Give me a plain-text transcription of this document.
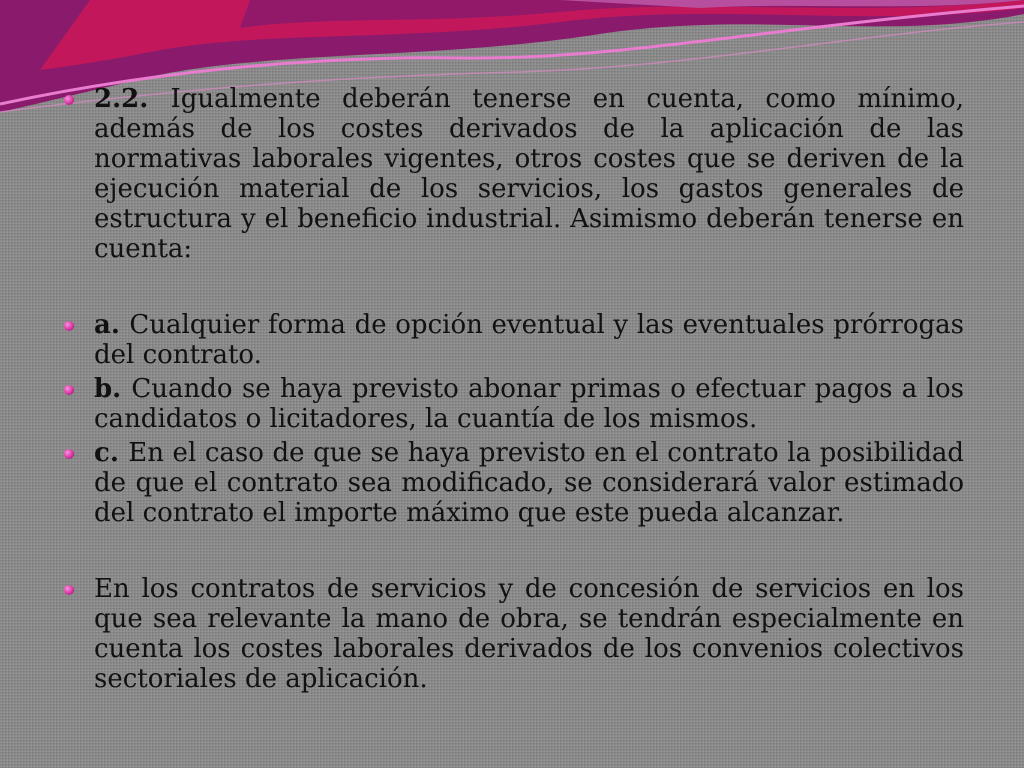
2.2. Igualmente deberán tenerse en cuenta, como mínimo, además de los costes derivados de la aplicación de las normativas laborales vigentes, otros costes que se deriven de la ejecución material de los servicios, los gastos generales de estructura y el beneficio industrial. Asimismo deberán tenerse en cuenta:
a. Cualquier forma de opción eventual y las eventuales prórrogas del contrato.
b. Cuando se haya previsto abonar primas o efectuar pagos a los candidatos o licitadores, la cuantía de los mismos.
c. En el caso de que se haya previsto en el contrato la posibilidad de que el contrato sea modificado, se considerará valor estimado del contrato el importe máximo que este pueda alcanzar.
En los contratos de servicios y de concesión de servicios en los que sea relevante la mano de obra, se tendrán especialmente en cuenta los costes laborales derivados de los convenios colectivos sectoriales de aplicación.
